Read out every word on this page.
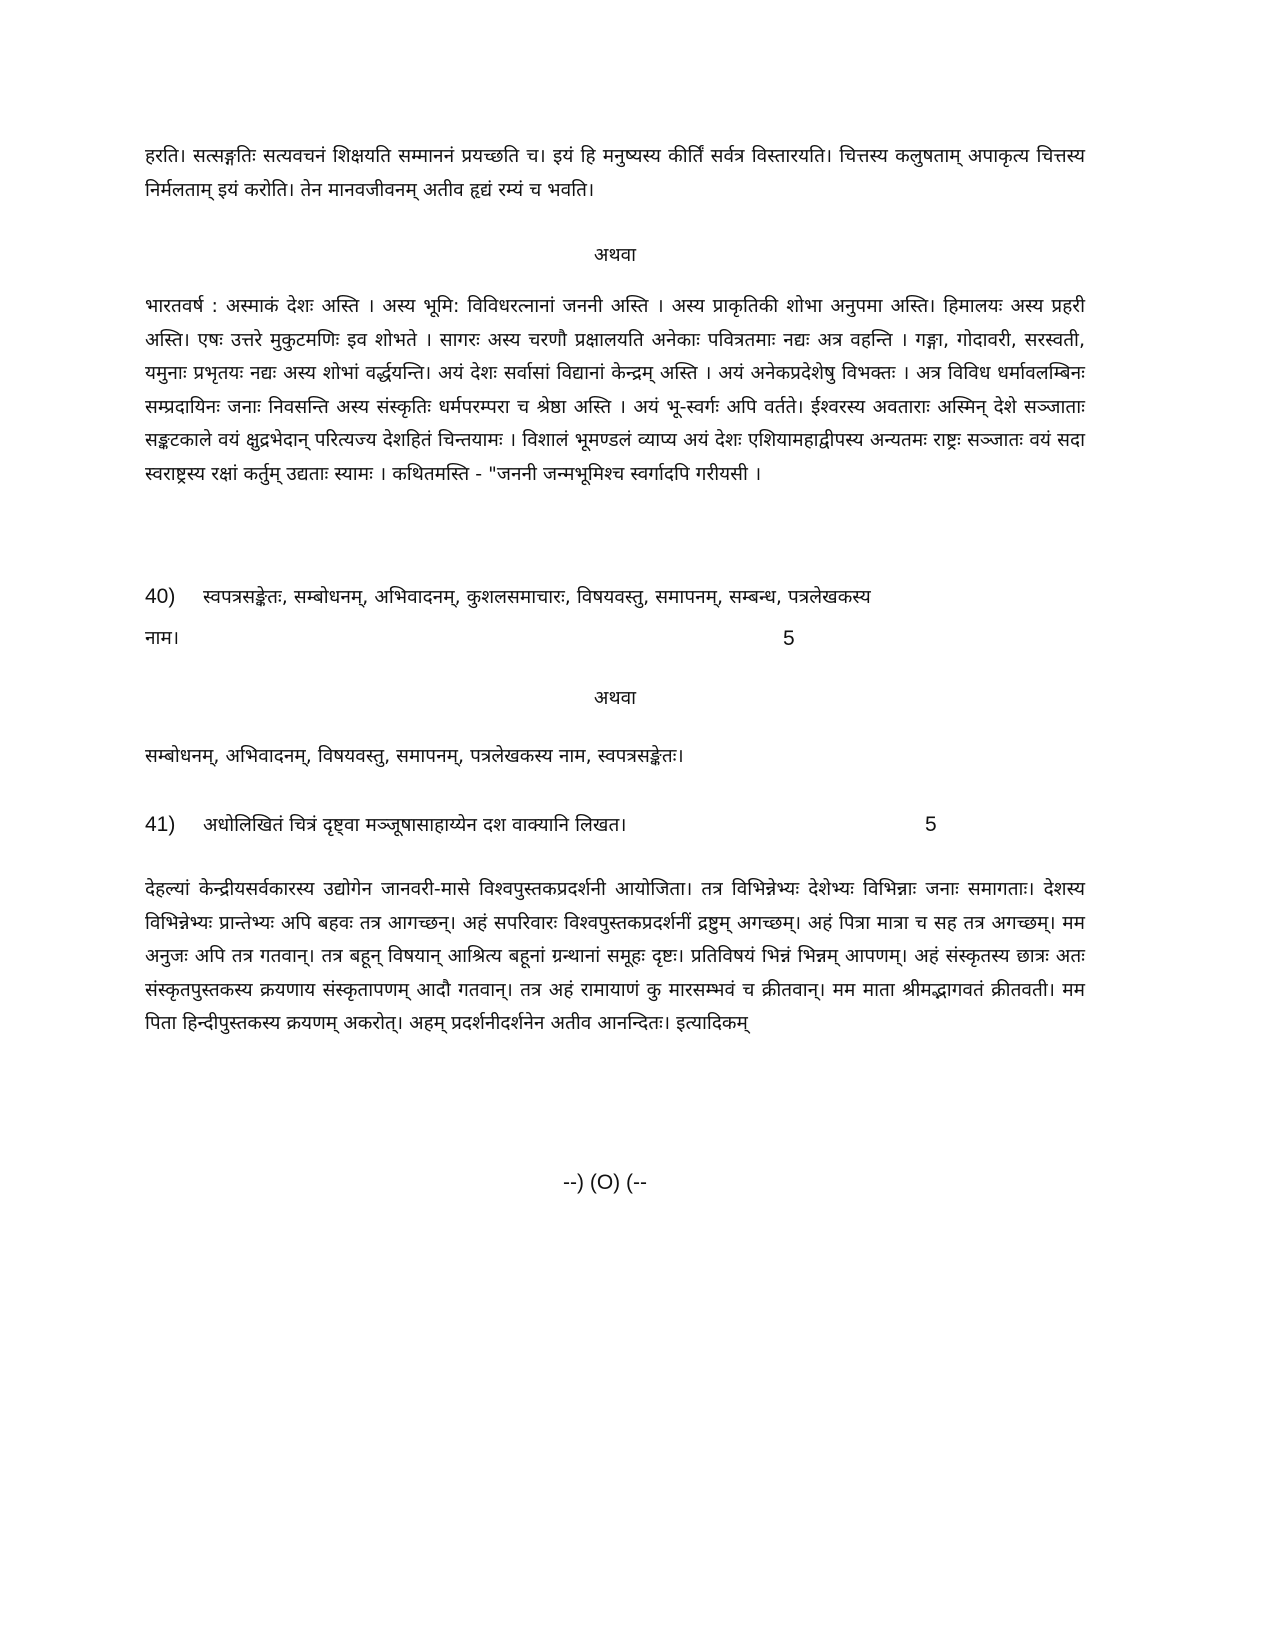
हरति। सत्सङ्गतिः सत्यवचनं शिक्षयति सम्माननं प्रयच्छति च। इयं हि मनुष्यस्य कीर्तिं सर्वत्र विस्तारयति। चित्तस्य कलुषताम् अपाकृत्य चित्तस्य निर्मलताम् इयं करोति। तेन मानवजीवनम् अतीव हृद्यं रम्यं च भवति।

अथवा

भारतवर्ष : अस्माकं देशः अस्ति । अस्य भूमि: विविधरत्नानां जननी अस्ति । अस्य प्राकृतिकी शोभा अनुपमा अस्ति। हिमालयः अस्य प्रहरी अस्ति। एषः उत्तरे मुकुटमणिः इव शोभते । सागरः अस्य चरणौ प्रक्षालयति अनेकाः पवित्रतमाः नद्यः अत्र वहन्ति । गङ्गा, गोदावरी, सरस्वती, यमुनाः प्रभृतयः नद्यः अस्य शोभां वर्द्धयन्ति। अयं देशः सर्वासां विद्यानां केन्द्रम् अस्ति । अयं अनेकप्रदेशेषु विभक्तः । अत्र विविध धर्मावलम्बिनः सम्प्रदायिनः जनाः निवसन्ति अस्य संस्कृतिः धर्मपरम्परा च श्रेष्ठा अस्ति । अयं भू-स्वर्गः अपि वर्तते। ईश्वरस्य अवताराः अस्मिन् देशे सञ्जाताः सङ्कटकाले वयं क्षुद्रभेदान् परित्यज्य देशहितं चिन्तयामः । विशालं भूमण्डलं व्याप्य अयं देशः एशियामहाद्वीपस्य अन्यतमः राष्ट्रः सञ्जातः वयं सदा स्वराष्ट्रस्य रक्षां कर्तुम् उद्यताः स्यामः । कथितमस्ति - "जननी जन्मभूमिश्च स्वर्गादपि गरीयसी ।

40) स्वपत्रसङ्केतः, सम्बोधनम्, अभिवादनम्, कुशलसमाचारः, विषयवस्तु, समापनम्, सम्बन्ध, पत्रलेखकस्य
नाम।	5
अथवा

सम्बोधनम्, अभिवादनम्, विषयवस्तु, समापनम्, पत्रलेखकस्य नाम, स्वपत्रसङ्केतः।

41) अधोलिखितं चित्रं दृष्ट्वा मञ्जूषासाहाय्येन दश वाक्यानि लिखत।	5

देहल्यां केन्द्रीयसर्वकारस्य उद्योगेन जानवरी-मासे विश्वपुस्तकप्रदर्शनी आयोजिता। तत्र विभिन्नेभ्यः देशेभ्यः विभिन्नाः जनाः समागताः। देशस्य विभिन्नेभ्यः प्रान्तेभ्यः अपि बहवः तत्र आगच्छन्। अहं सपरिवारः विश्वपुस्तकप्रदर्शनीं द्रष्टुम् अगच्छम्। अहं पित्रा मात्रा च सह तत्र अगच्छम्। मम अनुजः अपि तत्र गतवान्। तत्र बहून् विषयान् आश्रित्य बहूनां ग्रन्थानां समूहः दृष्टः। प्रतिविषयं भिन्नं भिन्नम् आपणम्। अहं संस्कृतस्य छात्रः अतः संस्कृतपुस्तकस्य क्रयणाय संस्कृतापणम् आदौ गतवान्। तत्र अहं रामायाणं कु मारसम्भवं च क्रीतवान्। मम माता श्रीमद्भागवतं क्रीतवती। मम पिता हिन्दीपुस्तकस्य क्रयणम् अकरोत्। अहम् प्रदर्शनीदर्शनेन अतीव आनन्दितः। इत्यादिकम्

--) (O) (--
